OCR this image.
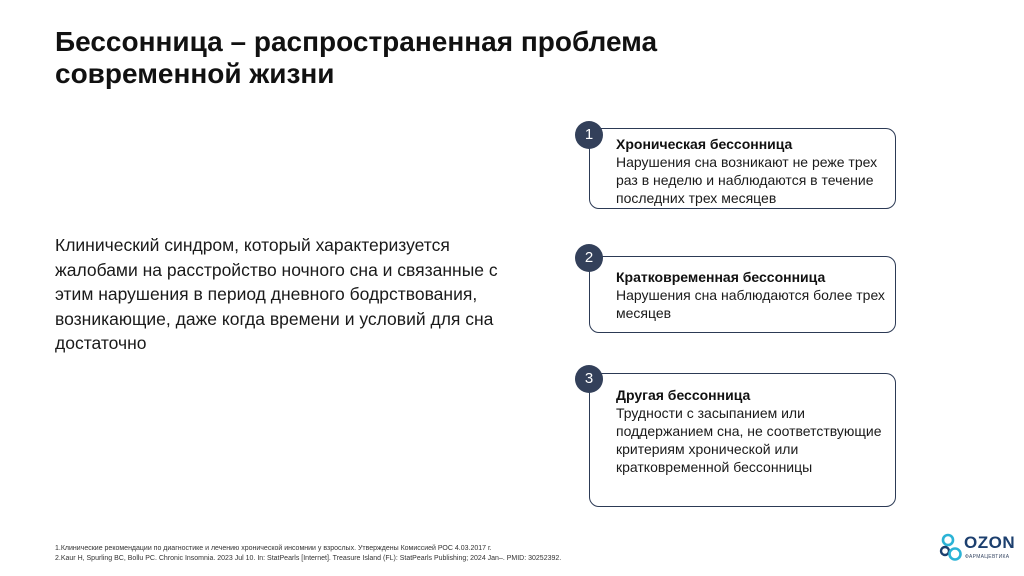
Бессонница – распространенная проблема
современной жизни
Клинический синдром, который характеризуется жалобами на расстройство ночного сна и связанные с этим нарушения в период дневного бодрствования, возникающие, даже когда времени и условий для сна достаточно
Хроническая бессонница
Нарушения сна возникают не реже трех раз в неделю и наблюдаются в течение последних трех месяцев
1
Кратковременная бессонница
Нарушения сна наблюдаются более трех месяцев
2
Другая бессонница
Трудности с засыпанием или поддержанием сна, не соответствующие критериям хронической или кратковременной бессонницы
3
1.Клинические рекомендации по диагностике и лечению хронической инсомнии у взрослых. Утверждены Комиссией РОС 4.03.2017 г.
2.Kaur H, Spurling BC, Bollu PC. Chronic Insomnia. 2023 Jul 10. In: StatPearls [Internet]. Treasure Island (FL): StatPearls Publishing; 2024 Jan–. PMID: 30252392.
OZON
ФАРМАЦЕВТИКА
